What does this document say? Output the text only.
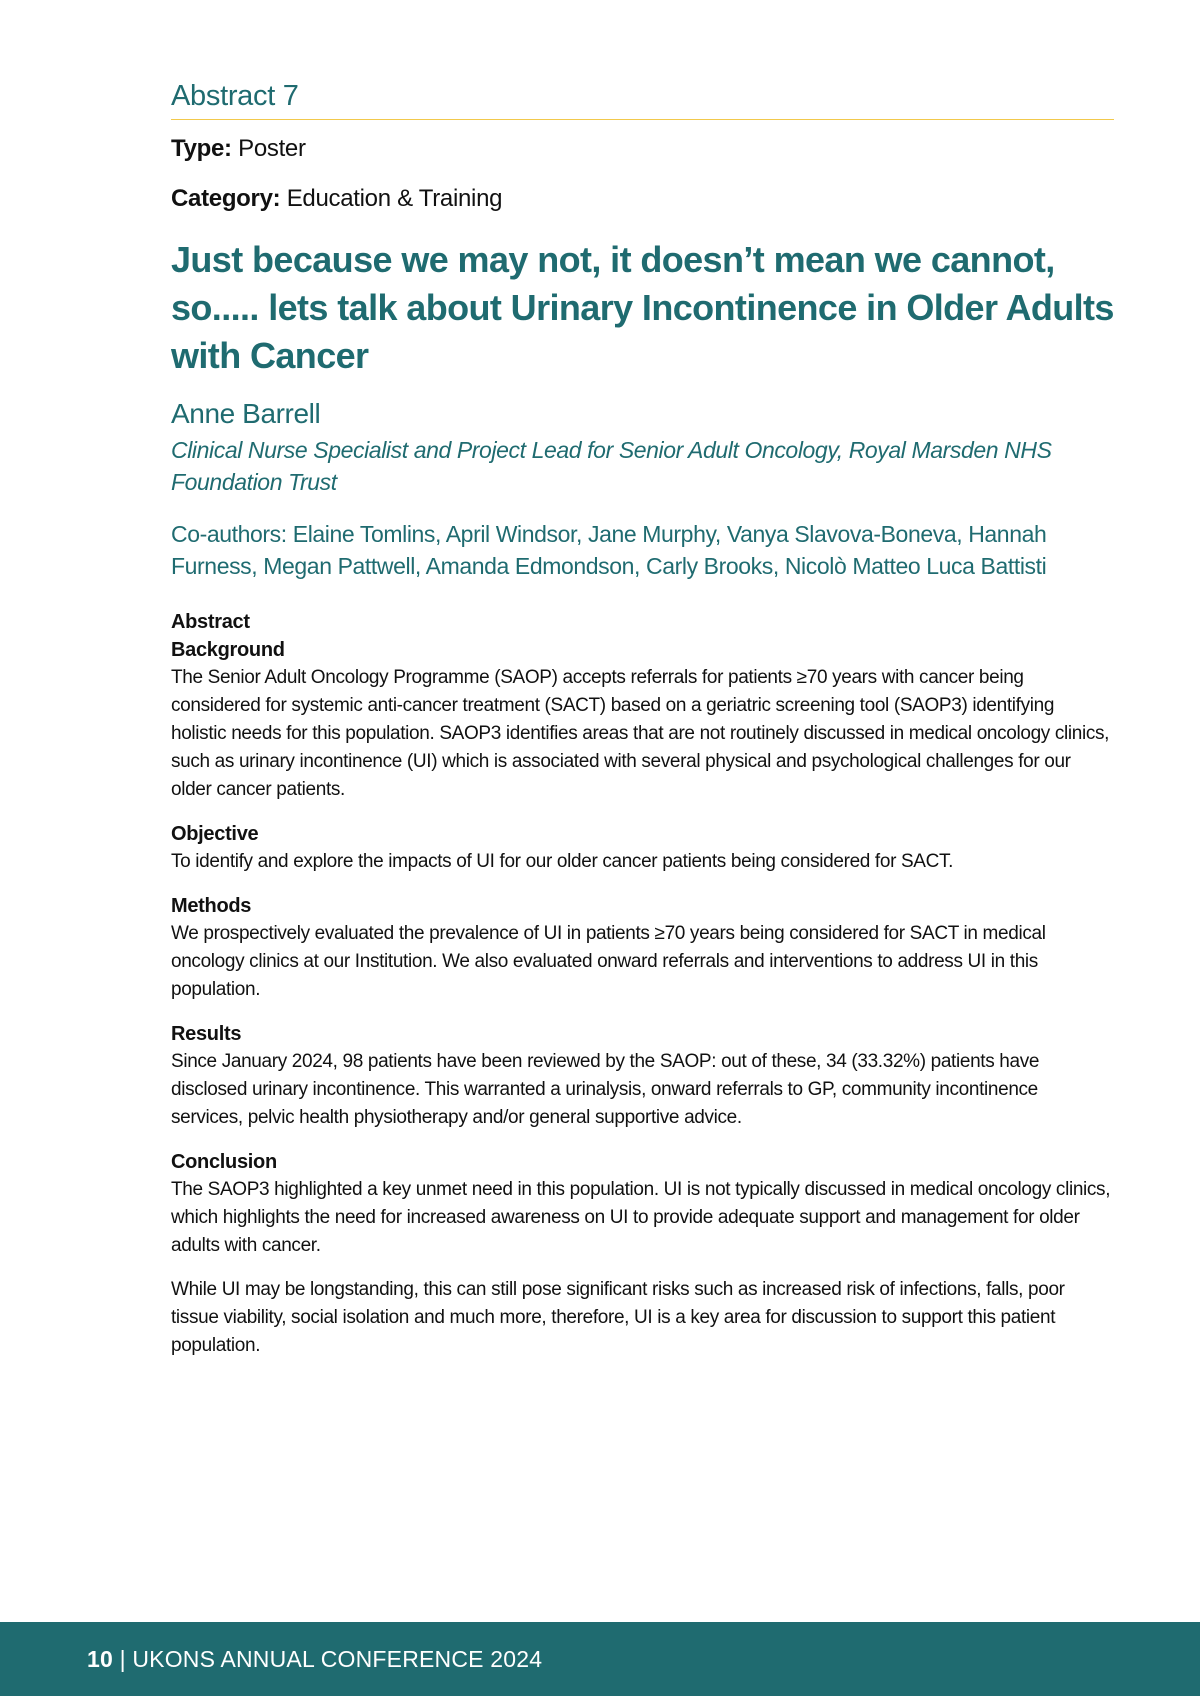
Abstract 7

Type: Poster

Category: Education & Training

Just because we may not, it doesn’t mean we cannot, so..... lets talk about Urinary Incontinence in Older Adults with Cancer

Anne Barrell

Clinical Nurse Specialist and Project Lead for Senior Adult Oncology, Royal Marsden NHS Foundation Trust

Co-authors: Elaine Tomlins, April Windsor, Jane Murphy, Vanya Slavova-Boneva, Hannah Furness, Megan Pattwell, Amanda Edmondson, Carly Brooks, Nicolò Matteo Luca Battisti

Abstract
Background

The Senior Adult Oncology Programme (SAOP) accepts referrals for patients ≥70 years with cancer being considered for systemic anti-cancer treatment (SACT) based on a geriatric screening tool (SAOP3) identifying holistic needs for this population. SAOP3 identifies areas that are not routinely discussed in medical oncology clinics, such as urinary incontinence (UI) which is associated with several physical and psychological challenges for our older cancer patients.

Objective

To identify and explore the impacts of UI for our older cancer patients being considered for SACT.

Methods

We prospectively evaluated the prevalence of UI in patients ≥70 years being considered for SACT in medical oncology clinics at our Institution. We also evaluated onward referrals and interventions to address UI in this population.

Results

Since January 2024, 98 patients have been reviewed by the SAOP: out of these, 34 (33.32%) patients have disclosed urinary incontinence. This warranted a urinalysis, onward referrals to GP, community incontinence services, pelvic health physiotherapy and/or general supportive advice.

Conclusion

The SAOP3 highlighted a key unmet need in this population. UI is not typically discussed in medical oncology clinics, which highlights the need for increased awareness on UI to provide adequate support and management for older adults with cancer.

While UI may be longstanding, this can still pose significant risks such as increased risk of infections, falls, poor tissue viability, social isolation and much more, therefore, UI is a key area for discussion to support this patient population.

10 | UKONS ANNUAL CONFERENCE 2024
